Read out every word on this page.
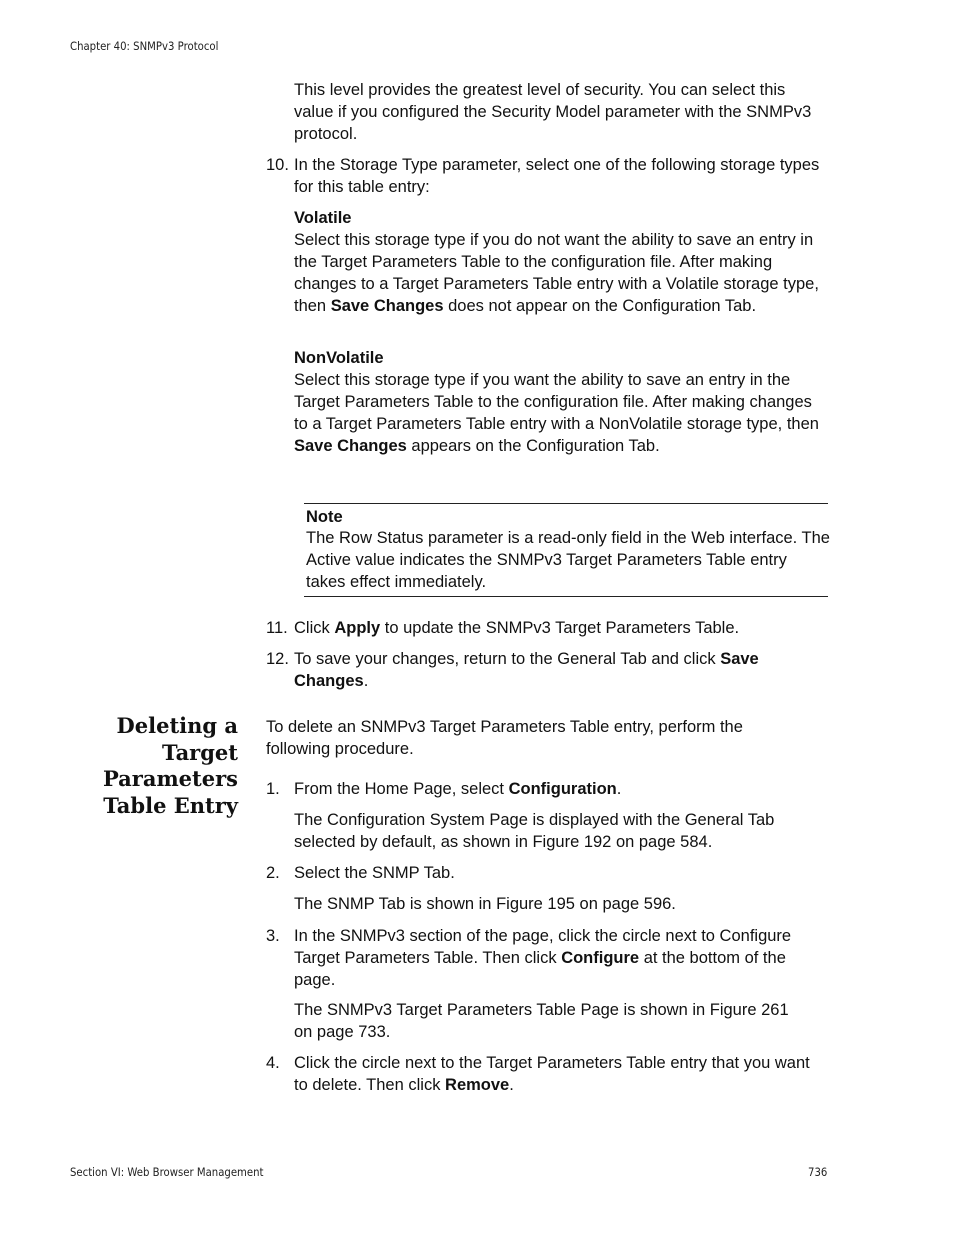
Chapter 40: SNMPv3 Protocol

This level provides the greatest level of security. You can select this value if you configured the Security Model parameter with the SNMPv3 protocol.

10. In the Storage Type parameter, select one of the following storage types for this table entry:
Volatile
Select this storage type if you do not want the ability to save an entry in the Target Parameters Table to the configuration file. After making changes to a Target Parameters Table entry with a Volatile storage type, then Save Changes does not appear on the Configuration Tab.
NonVolatile
Select this storage type if you want the ability to save an entry in the Target Parameters Table to the configuration file. After making changes to a Target Parameters Table entry with a NonVolatile storage type, then Save Changes appears on the Configuration Tab.
Note
The Row Status parameter is a read-only field in the Web interface. The Active value indicates the SNMPv3 Target Parameters Table entry takes effect immediately.
11. Click Apply to update the SNMPv3 Target Parameters Table.
12. To save your changes, return to the General Tab and click Save Changes.
Deleting a Target Parameters Table Entry

To delete an SNMPv3 Target Parameters Table entry, perform the following procedure.

1. From the Home Page, select Configuration.

The Configuration System Page is displayed with the General Tab selected by default, as shown in Figure 192 on page 584.

2. Select the SNMP Tab.

The SNMP Tab is shown in Figure 195 on page 596.

3. In the SNMPv3 section of the page, click the circle next to Configure Target Parameters Table. Then click Configure at the bottom of the page.

The SNMPv3 Target Parameters Table Page is shown in Figure 261 on page 733.

4. Click the circle next to the Target Parameters Table entry that you want to delete. Then click Remove.
Section VI: Web Browser Management	736
